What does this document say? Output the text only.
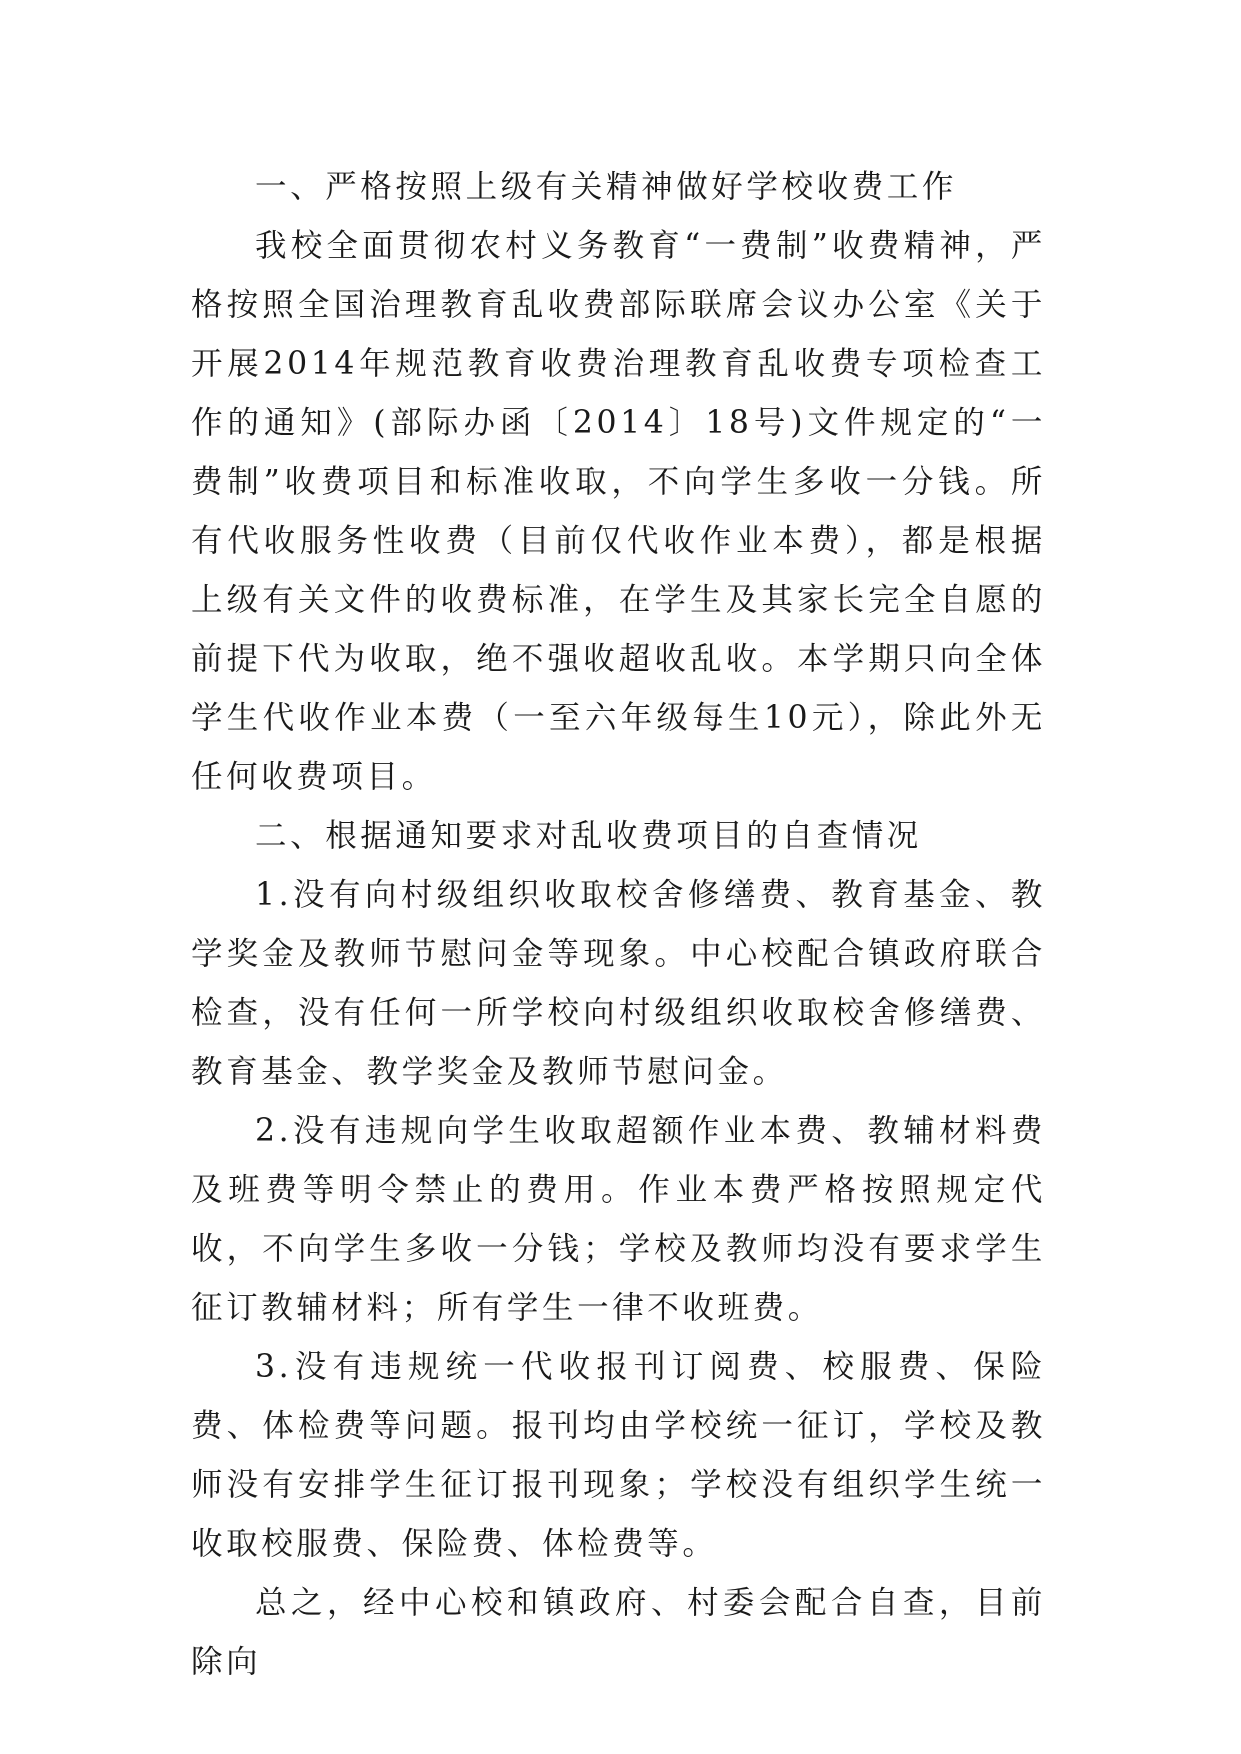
一、严格按照上级有关精神做好学校收费工作

我校全面贯彻农村义务教育“一费制”收费精神，严格按照全国治理教育乱收费部际联席会议办公室《关于开展2014年规范教育收费治理教育乱收费专项检查工作的通知》(部际办函〔2014〕18号)文件规定的“一费制”收费项目和标准收取，不向学生多收一分钱。所有代收服务性收费（目前仅代收作业本费），都是根据上级有关文件的收费标准，在学生及其家长完全自愿的前提下代为收取，绝不强收超收乱收。本学期只向全体学生代收作业本费（一至六年级每生10元），除此外无任何收费项目。

二、根据通知要求对乱收费项目的自查情况

1.没有向村级组织收取校舍修缮费、教育基金、教学奖金及教师节慰问金等现象。中心校配合镇政府联合检查，没有任何一所学校向村级组织收取校舍修缮费、教育基金、教学奖金及教师节慰问金。

2.没有违规向学生收取超额作业本费、教辅材料费及班费等明令禁止的费用。作业本费严格按照规定代收，不向学生多收一分钱；学校及教师均没有要求学生征订教辅材料；所有学生一律不收班费。

3.没有违规统一代收报刊订阅费、校服费、保险费、体检费等问题。报刊均由学校统一征订，学校及教师没有安排学生征订报刊现象；学校没有组织学生统一收取校服费、保险费、体检费等。

总之，经中心校和镇政府、村委会配合自查，目前除向
